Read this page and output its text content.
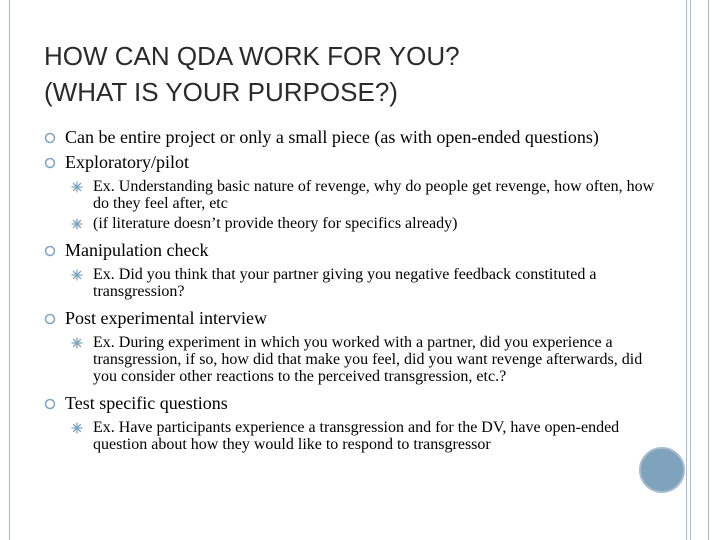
HOW CAN QDA WORK FOR YOU?
(WHAT IS YOUR PURPOSE?)
Can be entire project or only a small piece (as with open-ended questions)
Exploratory/pilot
Ex. Understanding basic nature of revenge, why do people get revenge, how often, how do they feel after, etc
(if literature doesn’t provide theory for specifics already)
Manipulation check
Ex. Did you think that your partner giving you negative feedback constituted a transgression?
Post experimental interview
Ex. During experiment in which you worked with a partner, did you experience a transgression, if so, how did that make you feel, did you want revenge afterwards, did you consider other reactions to the perceived transgression, etc.?
Test specific questions
Ex. Have participants experience a transgression and for the DV, have open-ended question about how they would like to respond to transgressor
